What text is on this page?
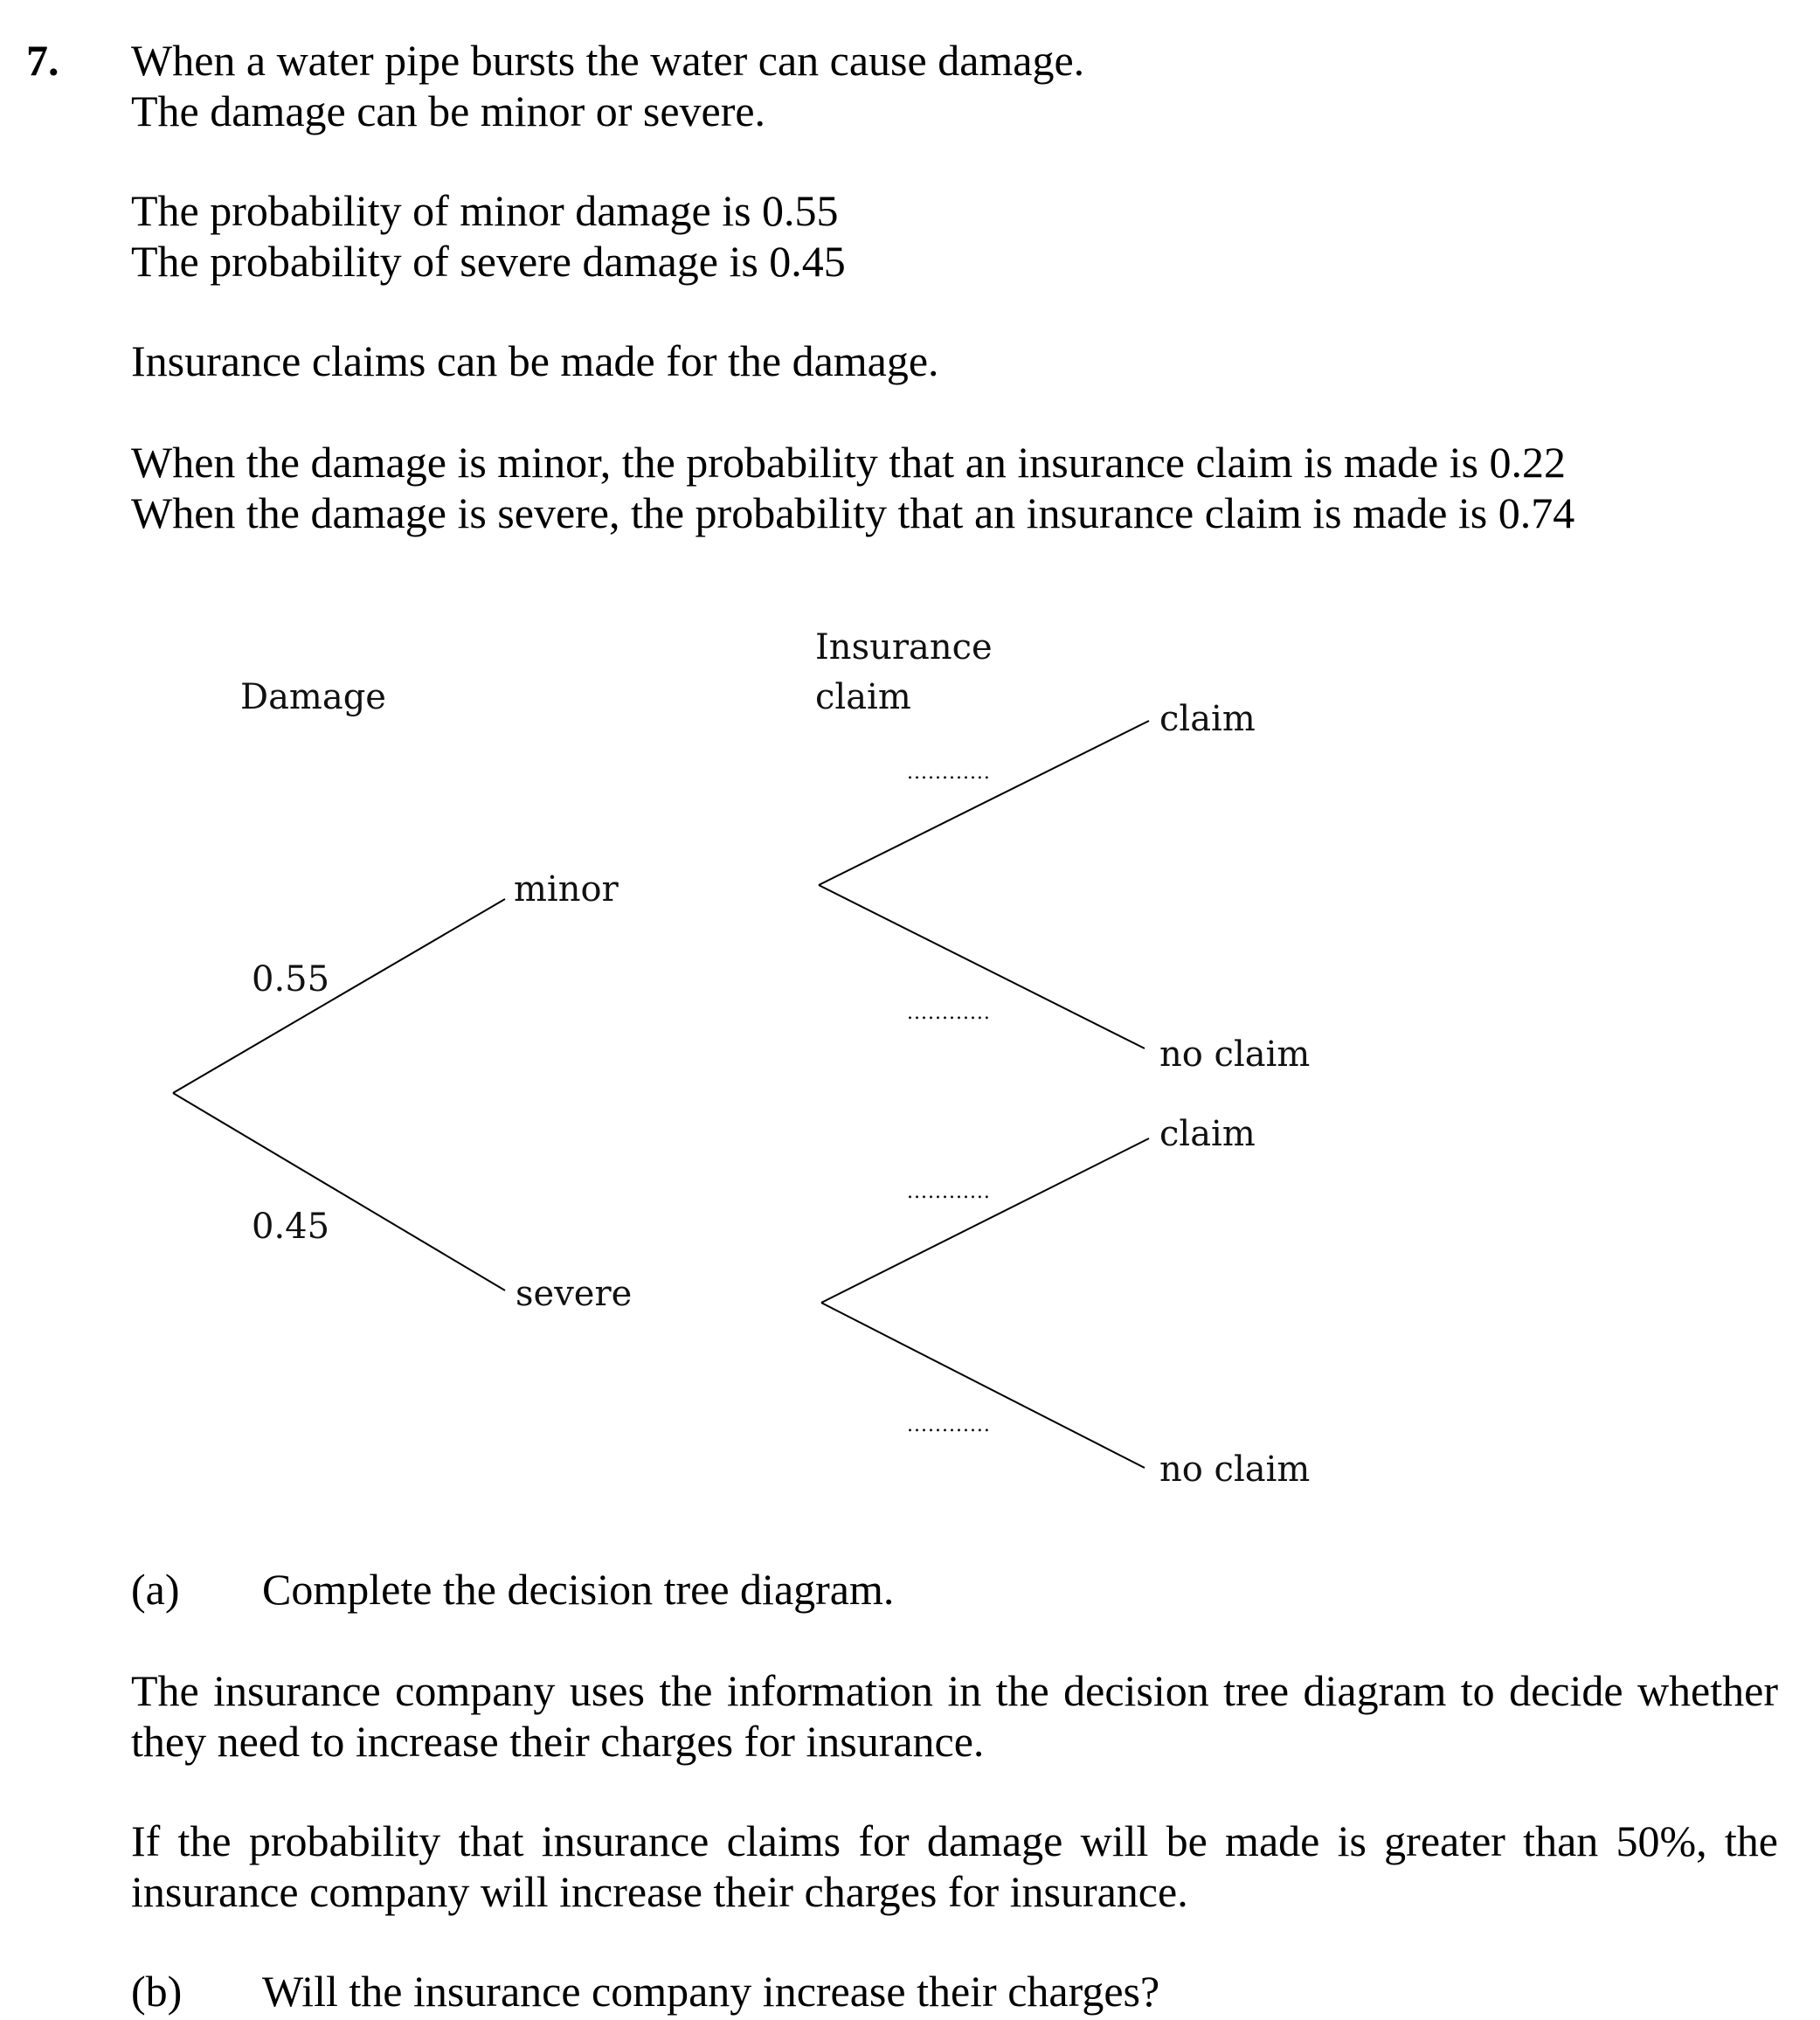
7. When a water pipe bursts the water can cause damage.
The damage can be minor or severe.
The probability of minor damage is 0.55
The probability of severe damage is 0.45
Insurance claims can be made for the damage.
When the damage is minor, the probability that an insurance claim is made is 0.22
When the damage is severe, the probability that an insurance claim is made is 0.74
Damage
Insurance
claim
minor
0.55
0.45
severe
claim
no claim
claim
no claim
............
............
............
............
(a) Complete the decision tree diagram.
The insurance company uses the information in the decision tree diagram to decide whether they need to increase their charges for insurance.
If the probability that insurance claims for damage will be made is greater than 50%, the insurance company will increase their charges for insurance.
(b) Will the insurance company increase their charges?
